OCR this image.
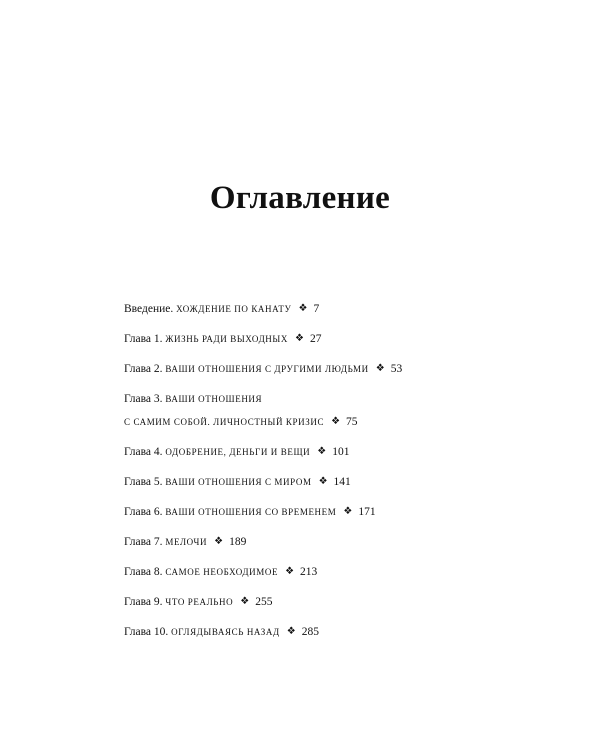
Оглавление
Введение. ХОЖДЕНИЕ ПО КАНАТУ ❖ 7
Глава 1. ЖИЗНЬ РАДИ ВЫХОДНЫХ ❖ 27
Глава 2. ВАШИ ОТНОШЕНИЯ С ДРУГИМИ ЛЮДЬМИ ❖ 53
Глава 3. ВАШИ ОТНОШЕНИЯ
С САМИМ СОБОЙ. ЛИЧНОСТНЫЙ КРИЗИС ❖ 75
Глава 4. ОДОБРЕНИЕ, ДЕНЬГИ И ВЕЩИ ❖ 101
Глава 5. ВАШИ ОТНОШЕНИЯ С МИРОМ ❖ 141
Глава 6. ВАШИ ОТНОШЕНИЯ СО ВРЕМЕНЕМ ❖ 171
Глава 7. МЕЛОЧИ ❖ 189
Глава 8. САМОЕ НЕОБХОДИМОЕ ❖ 213
Глава 9. ЧТО РЕАЛЬНО ❖ 255
Глава 10. ОГЛЯДЫВАЯСЬ НАЗАД ❖ 285
